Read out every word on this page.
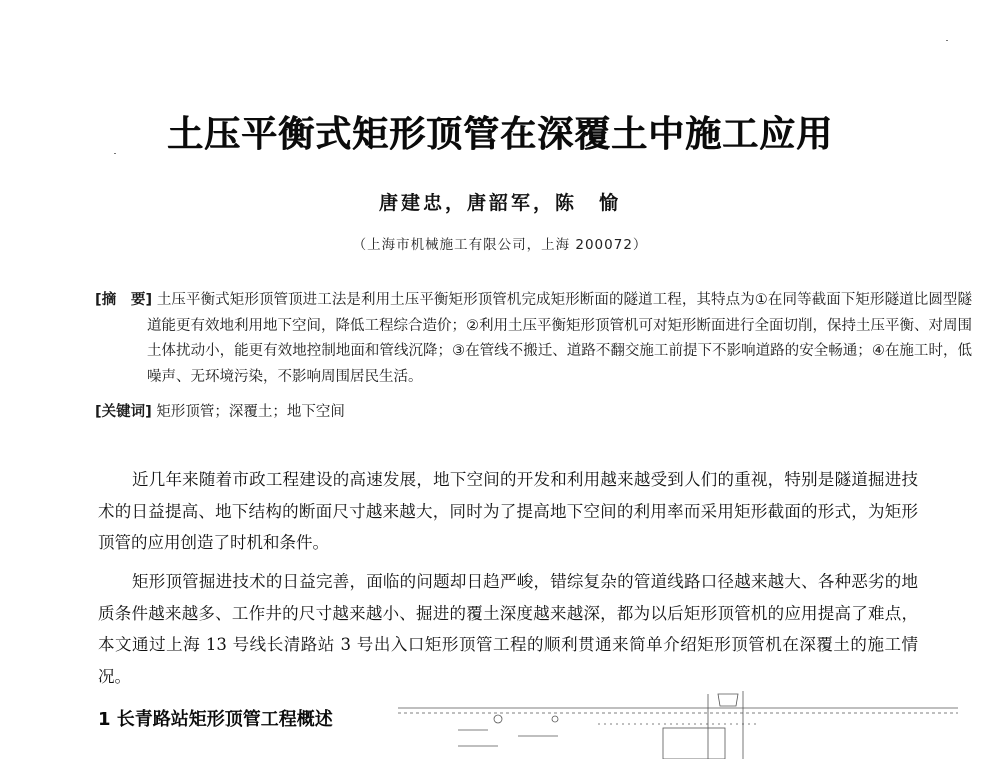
土压平衡式矩形顶管在深覆土中施工应用
唐建忠，唐韶军，陈　愉
（上海市机械施工有限公司，上海 200072）
[摘　要] 土压平衡式矩形顶管顶进工法是利用土压平衡矩形顶管机完成矩形断面的隧道工程，其特点为①在同等截面下矩形隧道比圆型隧道能更有效地利用地下空间，降低工程综合造价；②利用土压平衡矩形顶管机可对矩形断面进行全面切削，保持土压平衡、对周围土体扰动小，能更有效地控制地面和管线沉降；③在管线不搬迁、道路不翻交施工前提下不影响道路的安全畅通；④在施工时，低噪声、无环境污染，不影响周围居民生活。
[关键词] 矩形顶管；深覆土；地下空间
近几年来随着市政工程建设的高速发展，地下空间的开发和利用越来越受到人们的重视，特别是隧道掘进技术的日益提高、地下结构的断面尺寸越来越大，同时为了提高地下空间的利用率而采用矩形截面的形式，为矩形顶管的应用创造了时机和条件。
矩形顶管掘进技术的日益完善，面临的问题却日趋严峻，错综复杂的管道线路口径越来越大、各种恶劣的地质条件越来越多、工作井的尺寸越来越小、掘进的覆土深度越来越深，都为以后矩形顶管机的应用提高了难点，本文通过上海 13 号线长清路站 3 号出入口矩形顶管工程的顺利贯通来简单介绍矩形顶管机在深覆土的施工情况。
1 长青路站矩形顶管工程概述
